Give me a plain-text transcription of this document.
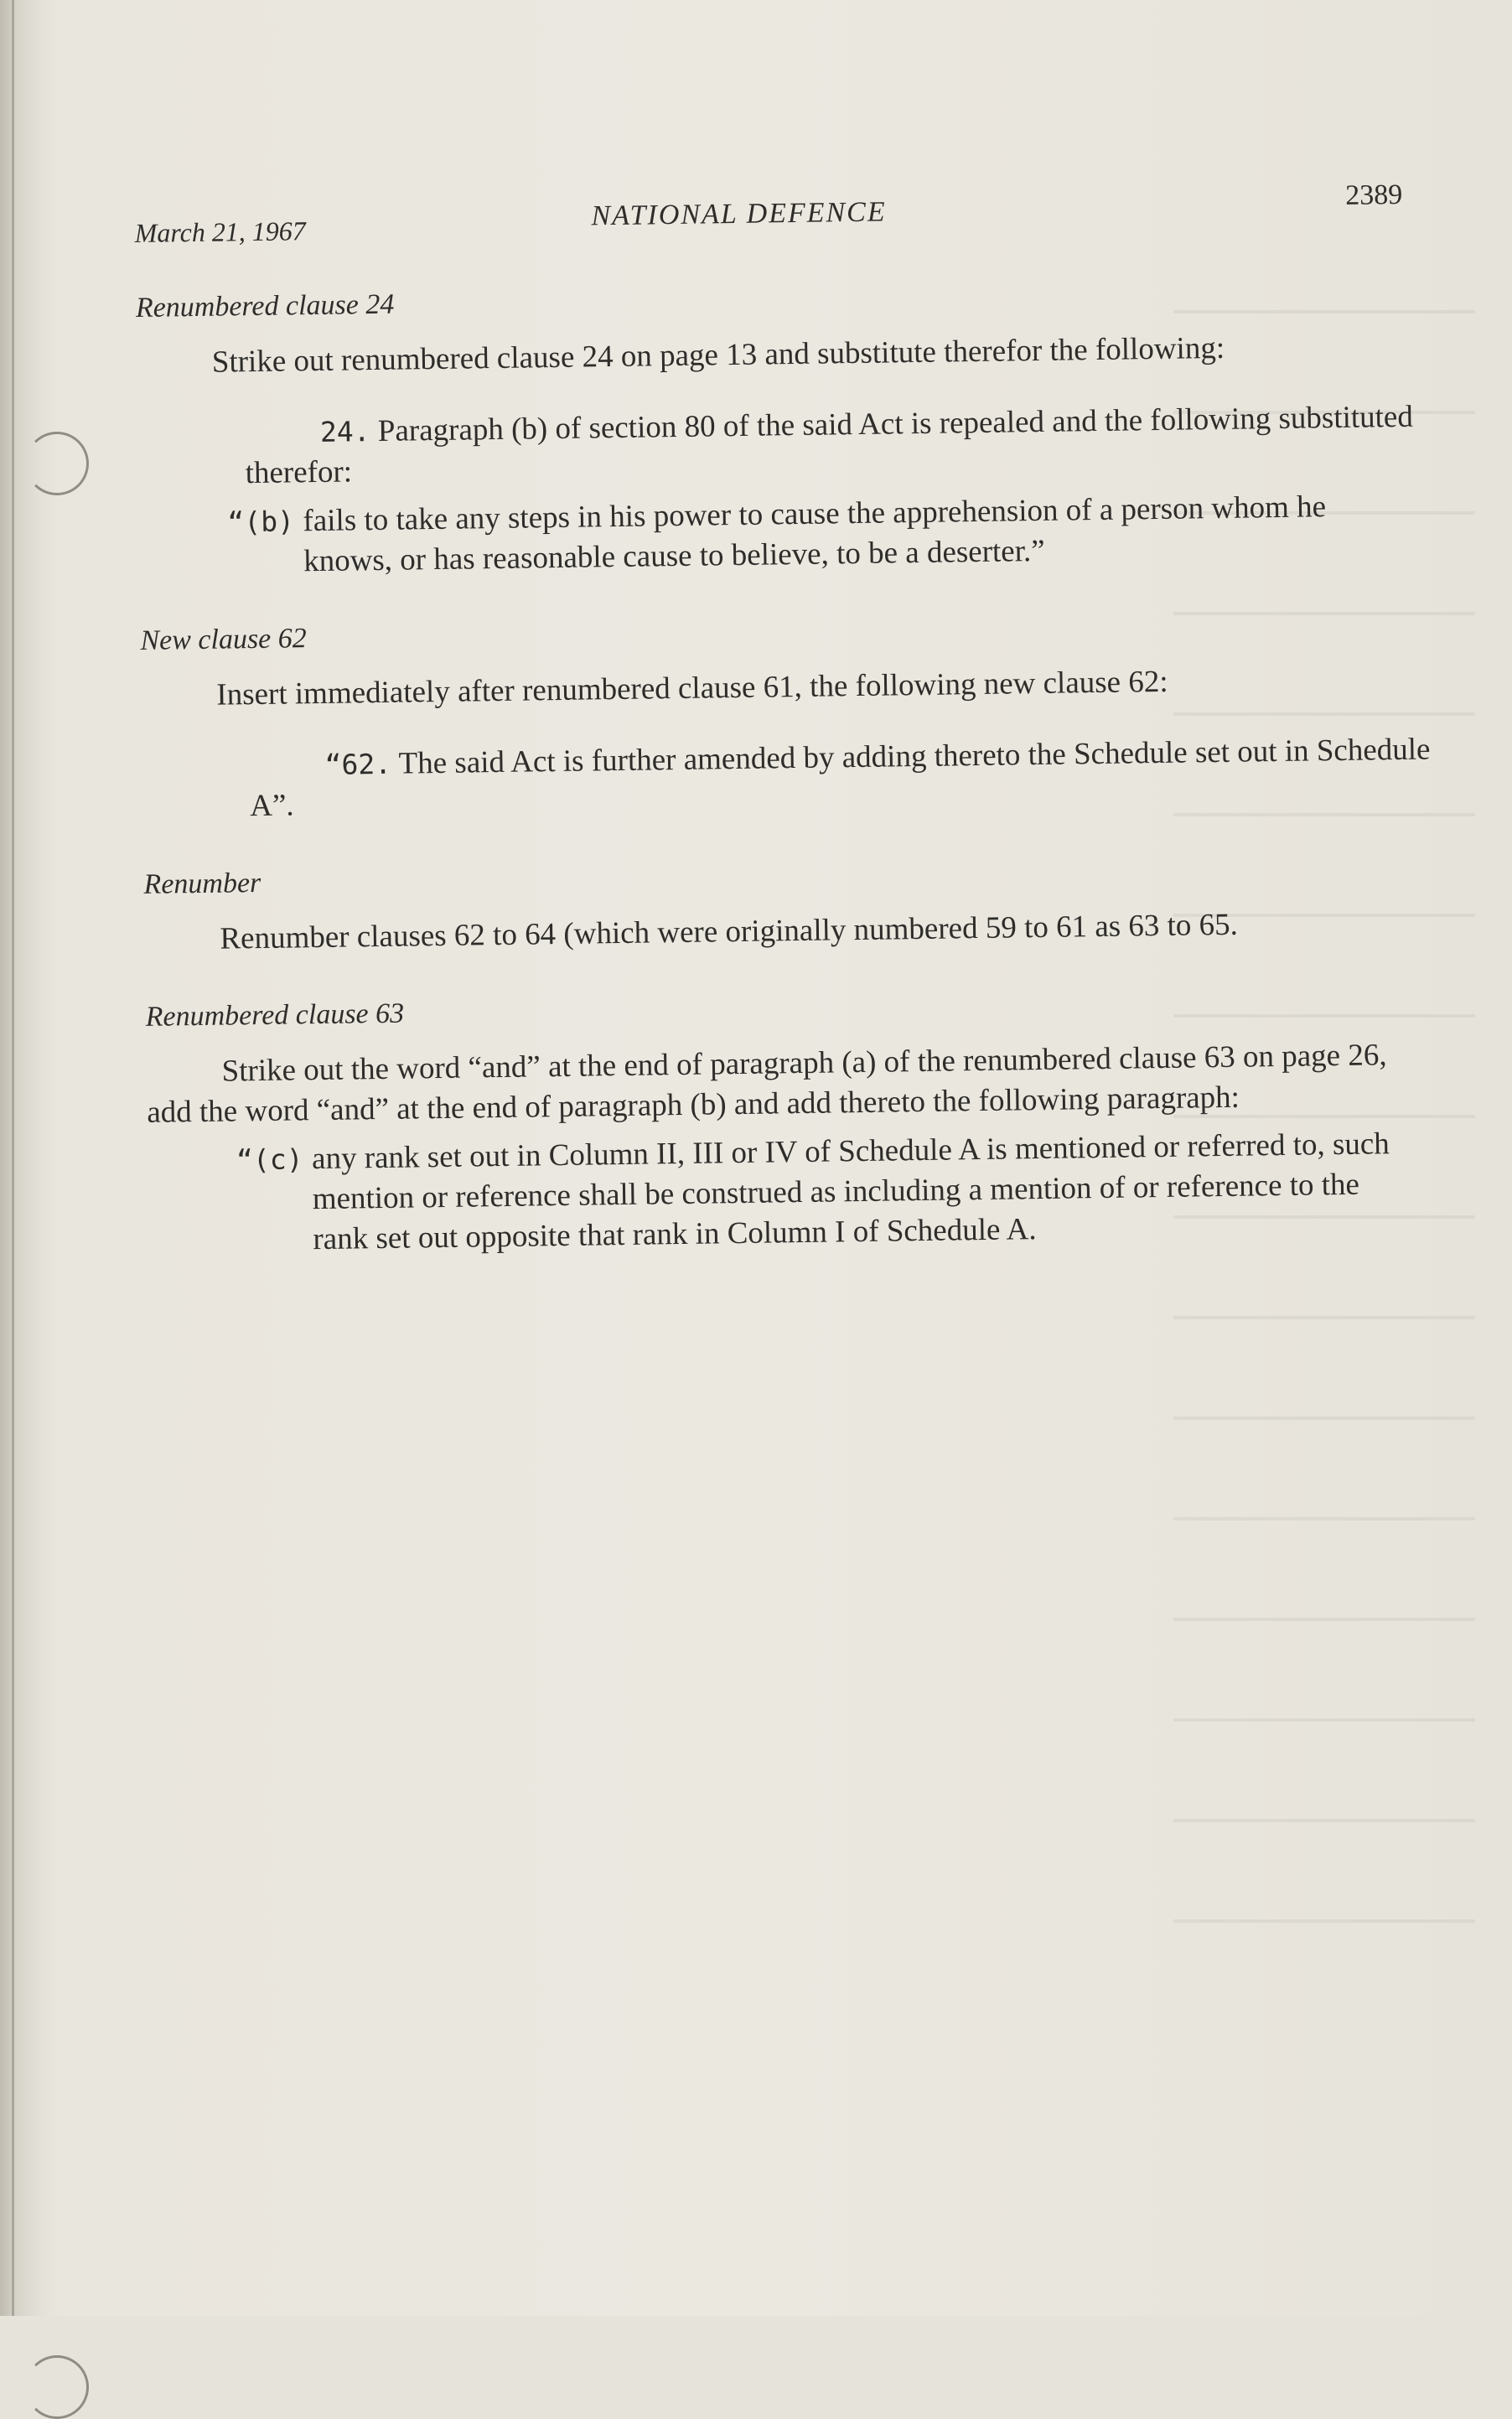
March 21, 1967
NATIONAL DEFENCE
2389
Renumbered clause 24

Strike out renumbered clause 24 on page 13 and substitute therefor the following:

24. Paragraph (b) of section 80 of the said Act is repealed and the following substituted therefor:

“(b) fails to take any steps in his power to cause the apprehension of a person whom he knows, or has reasonable cause to believe, to be a deserter.”
New clause 62

Insert immediately after renumbered clause 61, the following new clause 62:

“62. The said Act is further amended by adding thereto the Schedule set out in Schedule A”.

Renumber

Renumber clauses 62 to 64 (which were originally numbered 59 to 61 as 63 to 65.

Renumbered clause 63

Strike out the word “and” at the end of paragraph (a) of the renumbered clause 63 on page 26, add the word “and” at the end of paragraph (b) and add thereto the following paragraph:

“(c) any rank set out in Column II, III or IV of Schedule A is mentioned or referred to, such mention or reference shall be construed as including a mention of or reference to the rank set out opposite that rank in Column I of Schedule A.
